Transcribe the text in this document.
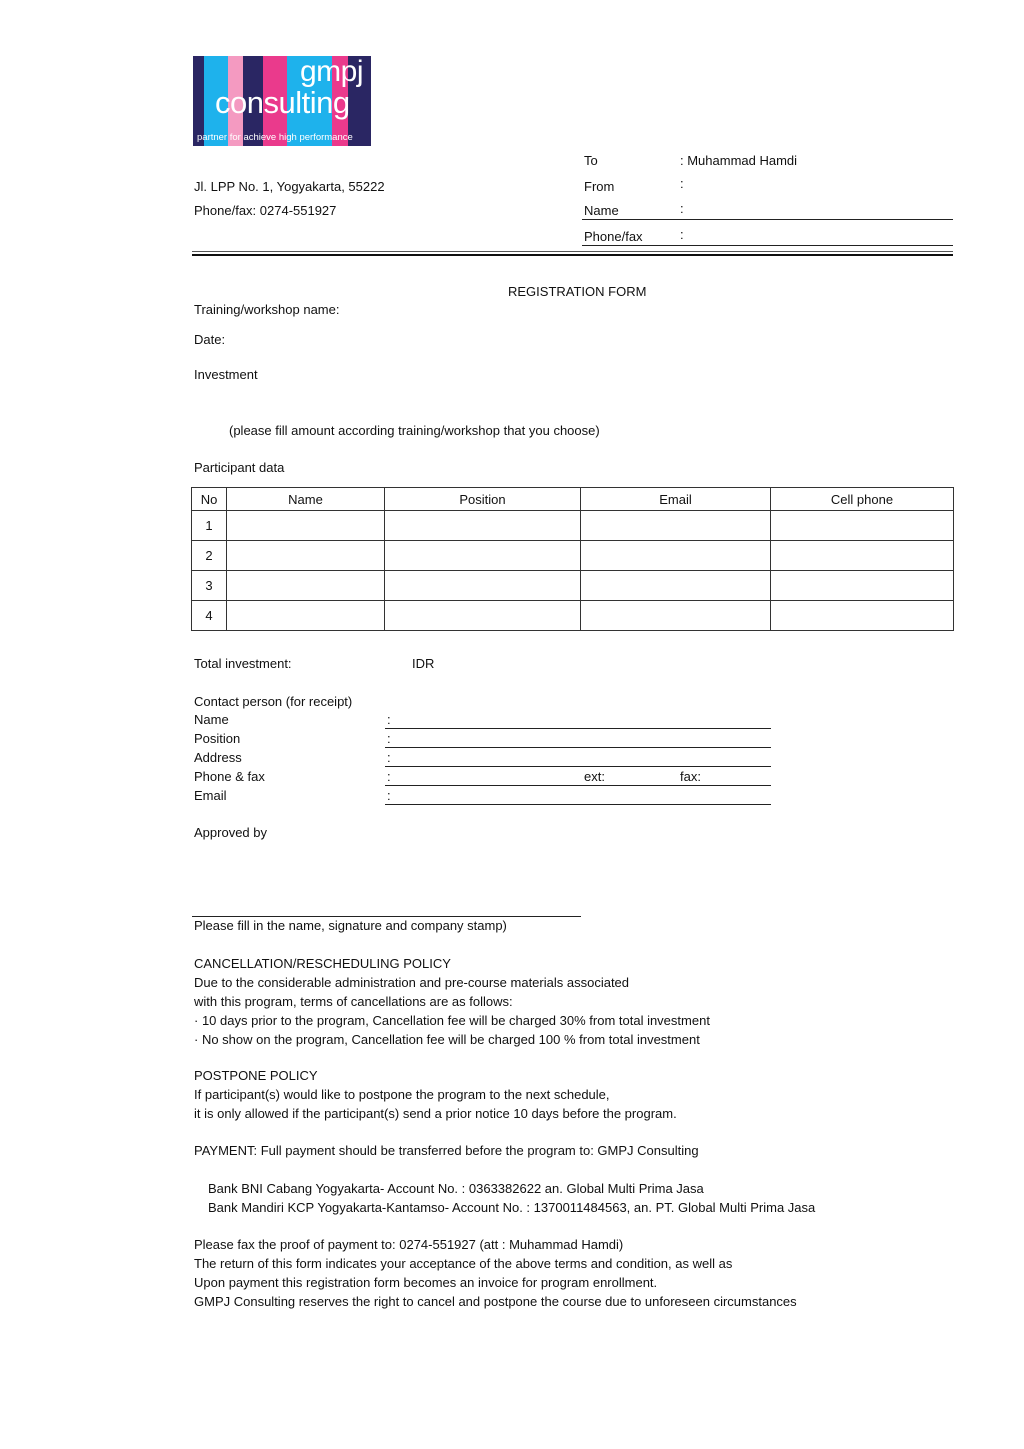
gmpj
consulting
partner for achieve high performance
Jl. LPP No. 1, Yogyakarta, 55222
Phone/fax: 0274-551927
To	: Muhammad Hamdi
From	:
Name	:
Phone/fax	:
REGISTRATION FORM
Training/workshop name:
Date:
Investment
(please fill amount according training/workshop that you choose)
Participant data
No	Name	Position	Email	Cell phone
1				
2				
3				
4				
Total investment:	IDR
Contact person (for receipt)
Name	:
Position	:
Address	:
Phone & fax	:	ext:	fax:
Email	:
Approved by
Please fill in the name, signature and company stamp)
CANCELLATION/RESCHEDULING POLICY
Due to the considerable administration and pre-course materials associated
with this program, terms of cancellations are as follows:
· 10 days prior to the program, Cancellation fee will be charged 30% from total investment
· No show on the program, Cancellation fee will be charged 100 % from total investment
POSTPONE POLICY
If participant(s) would like to postpone the program to the next schedule,
it is only allowed if the participant(s) send a prior notice 10 days before the program.
PAYMENT: Full payment should be transferred before the program to: GMPJ Consulting
Bank BNI Cabang Yogyakarta- Account No. : 0363382622 an. Global Multi Prima Jasa
Bank Mandiri KCP Yogyakarta-Kantamso- Account No. : 1370011484563, an. PT. Global Multi Prima Jasa
Please fax the proof of payment to: 0274-551927 (att : Muhammad Hamdi)
The return of this form indicates your acceptance of the above terms and condition, as well as
Upon payment this registration form becomes an invoice for program enrollment.
GMPJ Consulting reserves the right to cancel and postpone the course due to unforeseen circumstances
